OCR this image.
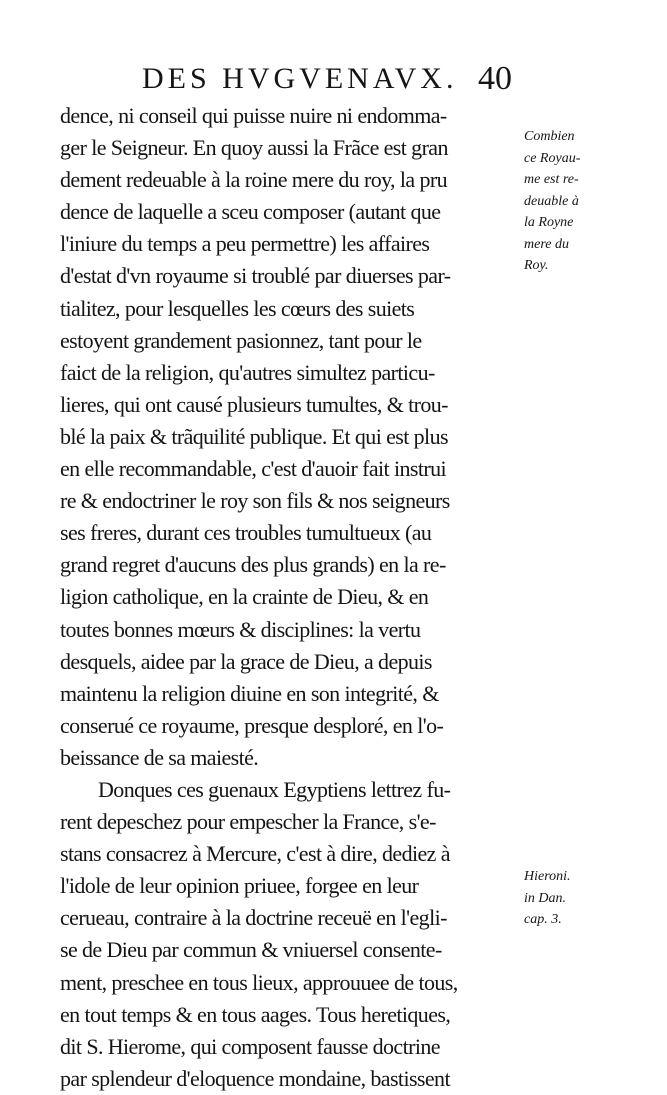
DES HVGVENAVX. 40
dence, ni conseil qui puisse nuire ni endomma-
ger le Seigneur. En quoy aussi la Frãce est gran
dement redeuable à la roine mere du roy, la pru
dence de laquelle a sceu composer (autant que
l'iniure du temps a peu permettre) les affaires
d'estat d'vn royaume si troublé par diuerses par-
tialitez, pour lesquelles les cœurs des suiets
estoyent grandement pasionnez, tant pour le
faict de la religion, qu'autres simultez particu-
lieres, qui ont causé plusieurs tumultes, & trou-
blé la paix & trãquilité publique. Et qui est plus
en elle recommandable, c'est d'auoir fait instrui
re & endoctriner le roy son fils & nos seigneurs
ses freres, durant ces troubles tumultueux (au
grand regret d'aucuns des plus grands) en la re-
ligion catholique, en la crainte de Dieu, & en
toutes bonnes mœurs & disciplines: la vertu
desquels, aidee par la grace de Dieu, a depuis
maintenu la religion diuine en son integrité, &
conserué ce royaume, presque desploré, en l'o-
beissance de sa maiesté.
Donques ces guenaux Egyptiens lettrez fu-
rent depeschez pour empescher la France, s'e-
stans consacrez à Mercure, c'est à dire, dediez à
l'idole de leur opinion priuee, forgee en leur
cerueau, contraire à la doctrine receuë en l'egli-
se de Dieu par commun & vniuersel consente-
ment, preschee en tous lieux, approuuee de tous,
en tout temps & en tous aages. Tous heretiques,
dit S. Hierome, qui composent fausse doctrine
par splendeur d'eloquence mondaine, bastissent
Combien
ce Royau-
me est re-
deuable à
la Royne
mere du
Roy.
Hieroni.
in Dan.
cap. 3.
